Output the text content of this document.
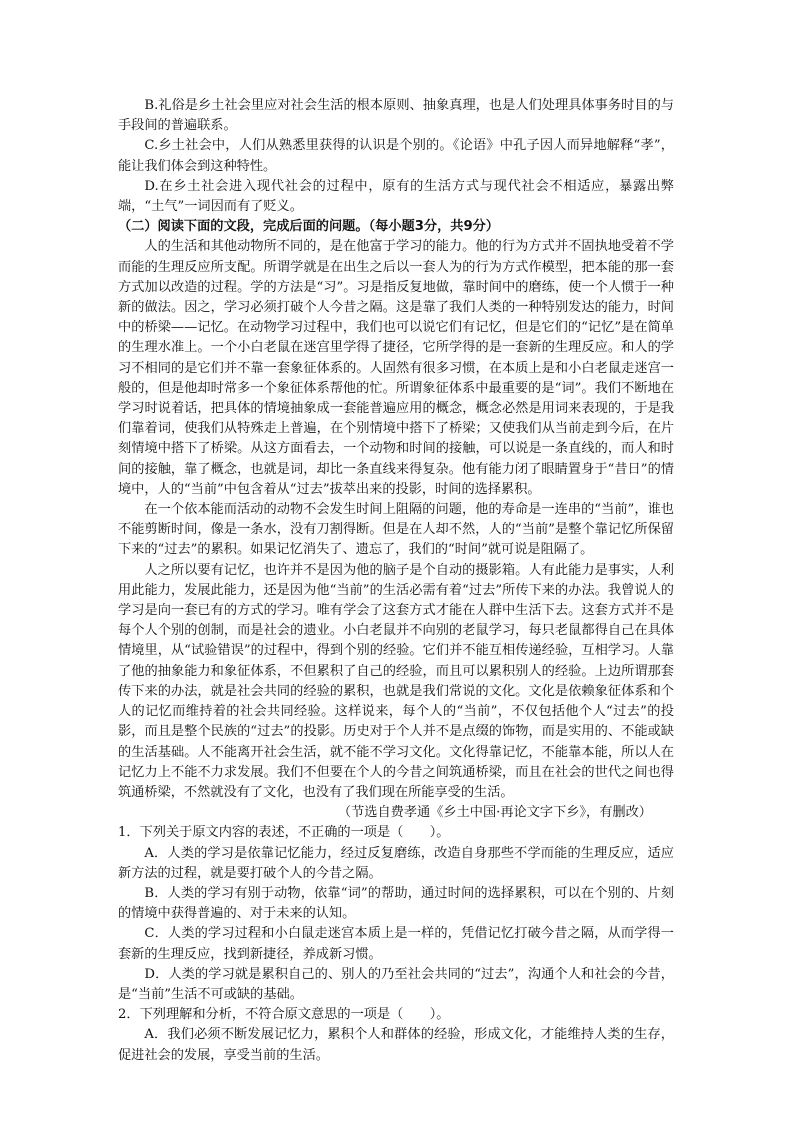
B.礼俗是乡土社会里应对社会生活的根本原则、抽象真理，也是人们处理具体事务时目的与手段间的普遍联系。

C.乡土社会中，人们从熟悉里获得的认识是个别的。《论语》中孔子因人而异地解释“孝”，能让我们体会到这种特性。

D.在乡土社会进入现代社会的过程中，原有的生活方式与现代社会不相适应，暴露出弊端，“土气”一词因而有了贬义。

（二）阅读下面的文段，完成后面的问题。（每小题3分，共9分）

人的生活和其他动物所不同的，是在他富于学习的能力。他的行为方式并不固执地受着不学而能的生理反应所支配。所谓学就是在出生之后以一套人为的行为方式作模型，把本能的那一套方式加以改造的过程。学的方法是“习”。习是指反复地做，靠时间中的磨练，使一个人惯于一种新的做法。因之，学习必须打破个人今昔之隔。这是靠了我们人类的一种特别发达的能力，时间中的桥梁——记忆。在动物学习过程中，我们也可以说它们有记忆，但是它们的“记忆”是在简单的生理水准上。一个小白老鼠在迷宫里学得了捷径，它所学得的是一套新的生理反应。和人的学习不相同的是它们并不靠一套象征体系的。人固然有很多习惯，在本质上是和小白老鼠走迷宫一般的，但是他却时常多一个象征体系帮他的忙。所谓象征体系中最重要的是“词”。我们不断地在学习时说着话，把具体的情境抽象成一套能普遍应用的概念，概念必然是用词来表现的，于是我们靠着词，使我们从特殊走上普遍，在个别情境中搭下了桥梁；又使我们从当前走到今后，在片刻情境中搭下了桥梁。从这方面看去，一个动物和时间的接触，可以说是一条直线的，而人和时间的接触，靠了概念，也就是词，却比一条直线来得复杂。他有能力闭了眼睛置身于“昔日”的情境中，人的“当前”中包含着从“过去”拔萃出来的投影，时间的选择累积。

在一个依本能而活动的动物不会发生时间上阻隔的问题，他的寿命是一连串的“当前”，谁也不能剪断时间，像是一条水，没有刀割得断。但是在人却不然，人的“当前”是整个靠记忆所保留下来的“过去”的累积。如果记忆消失了、遗忘了，我们的“时间”就可说是阻隔了。

人之所以要有记忆，也许并不是因为他的脑子是个自动的摄影箱。人有此能力是事实，人利用此能力，发展此能力，还是因为他“当前”的生活必需有着“过去”所传下来的办法。我曾说人的学习是向一套已有的方式的学习。唯有学会了这套方式才能在人群中生活下去。这套方式并不是每个人个别的创制，而是社会的遗业。小白老鼠并不向别的老鼠学习，每只老鼠都得自己在具体情境里，从“试验错误”的过程中，得到个别的经验。它们并不能互相传递经验，互相学习。人靠了他的抽象能力和象征体系，不但累积了自己的经验，而且可以累积别人的经验。上边所谓那套传下来的办法，就是社会共同的经验的累积，也就是我们常说的文化。文化是依赖象征体系和个人的记忆而维持着的社会共同经验。这样说来，每个人的“当前”，不仅包括他个人“过去”的投影，而且是整个民族的“过去”的投影。历史对于个人并不是点缀的饰物，而是实用的、不能或缺的生活基础。人不能离开社会生活，就不能不学习文化。文化得靠记忆，不能靠本能，所以人在记忆力上不能不力求发展。我们不但要在个人的今昔之间筑通桥梁，而且在社会的世代之间也得筑通桥梁，不然就没有了文化，也没有了我们现在所能享受的生活。

（节选自费孝通《乡土中国·再论文字下乡》，有删改）

1．下列关于原文内容的表述，不正确的一项是（　　）。

A．人类的学习是依靠记忆能力，经过反复磨练，改造自身那些不学而能的生理反应，适应新方法的过程，就是要打破个人的今昔之隔。

B．人类的学习有别于动物，依靠“词”的帮助，通过时间的选择累积，可以在个别的、片刻的情境中获得普遍的、对于未来的认知。

C．人类的学习过程和小白鼠走迷宫本质上是一样的，凭借记忆打破今昔之隔，从而学得一套新的生理反应，找到新捷径，养成新习惯。

D．人类的学习就是累积自己的、别人的乃至社会共同的“过去”，沟通个人和社会的今昔，是“当前”生活不可或缺的基础。

2．下列理解和分析，不符合原文意思的一项是（　　）。

A．我们必须不断发展记忆力，累积个人和群体的经验，形成文化，才能维持人类的生存，促进社会的发展，享受当前的生活。
